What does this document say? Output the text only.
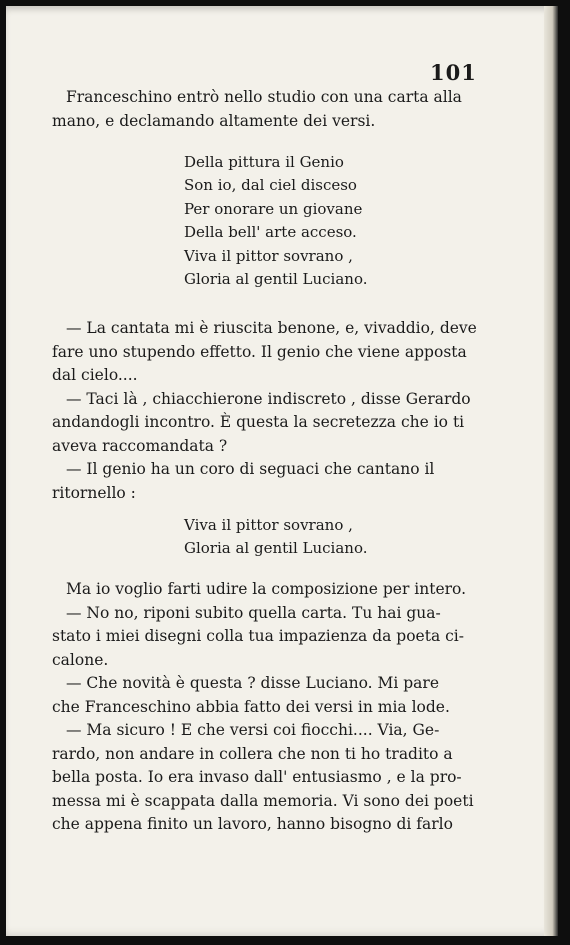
101

Franceschino entrò nello studio con una carta alla
mano, e declamando altamente dei versi.

Della pittura il Genio
Son io, dal ciel disceso
Per onorare un giovane
Della bell' arte acceso.
Viva il pittor sovrano ,
Gloria al gentil Luciano.

— La cantata mi è riuscita benone, e, vivaddio, deve
fare uno stupendo effetto. Il genio che viene apposta
dal cielo....
— Taci là , chiacchierone indiscreto , disse Gerardo
andandogli incontro. È questa la secretezza che io ti
aveva raccomandata ?
— Il genio ha un coro di seguaci che cantano il
ritornello :

Viva il pittor sovrano ,
Gloria al gentil Luciano.

Ma io voglio farti udire la composizione per intero.
— No no, riponi subito quella carta. Tu hai gua-
stato i miei disegni colla tua impazienza da poeta ci-
calone.
— Che novità è questa ? disse Luciano. Mi pare
che Franceschino abbia fatto dei versi in mia lode.
— Ma sicuro ! E che versi coi fiocchi.... Via, Ge-
rardo, non andare in collera che non ti ho tradito a
bella posta. Io era invaso dall' entusiasmo , e la pro-
messa mi è scappata dalla memoria. Vi sono dei poeti
che appena finito un lavoro, hanno bisogno di farlo
